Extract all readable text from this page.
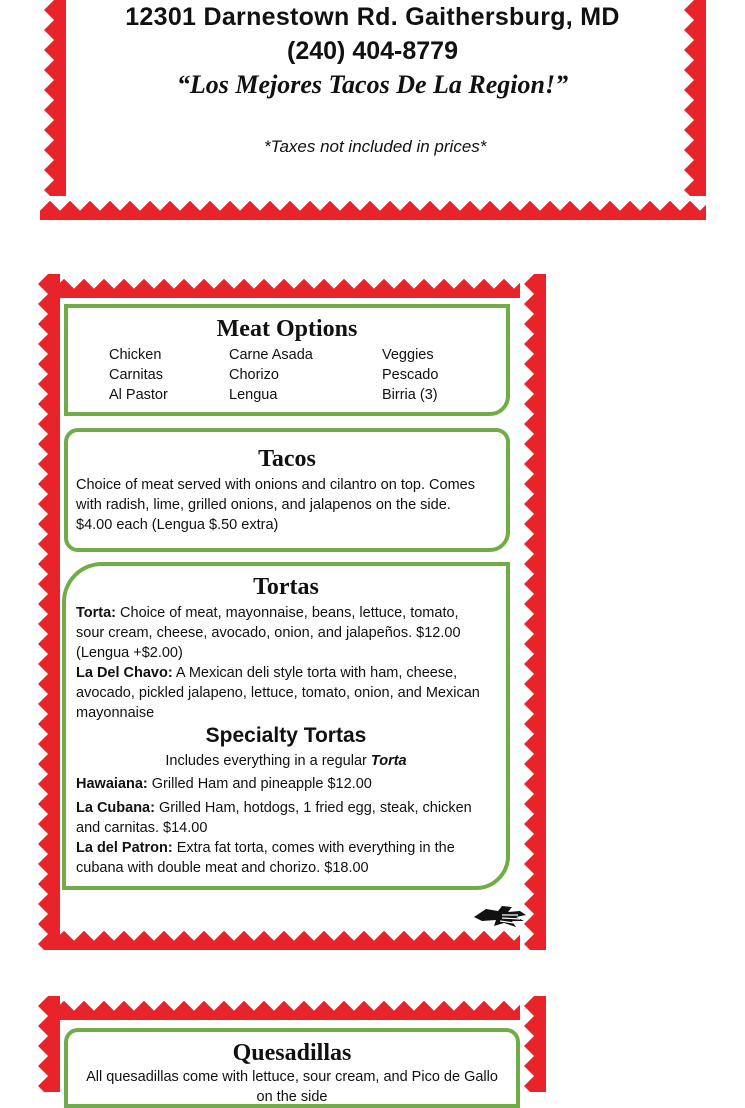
12301 Darnestown Rd. Gaithersburg, MD
(240) 404-8779
“Los Mejores Tacos De La Region!”
*Taxes not included in prices*
Meat Options
Chicken
Carnitas
Al Pastor
Carne Asada
Chorizo
Lengua
Veggies
Pescado
Birria (3)
Tacos
Choice of meat served with onions and cilantro on top. Comes
with radish, lime, grilled onions, and jalapenos on the side.
$4.00 each (Lengua $.50 extra)
Tortas
Torta: Choice of meat, mayonnaise, beans, lettuce, tomato,
sour cream, cheese, avocado, onion, and jalapeños. $12.00
(Lengua +$2.00)
La Del Chavo: A Mexican deli style torta with ham, cheese,
avocado, pickled jalapeno, lettuce, tomato, onion, and Mexican
mayonnaise
Specialty Tortas
Includes everything in a regular Torta
Hawaiana: Grilled Ham and pineapple $12.00
La Cubana: Grilled Ham, hotdogs, 1 fried egg, steak, chicken
and carnitas. $14.00
La del Patron: Extra fat torta, comes with everything in the
cubana with double meat and chorizo. $18.00
Quesadillas
All quesadillas come with lettuce, sour cream, and Pico de Gallo
on the side
